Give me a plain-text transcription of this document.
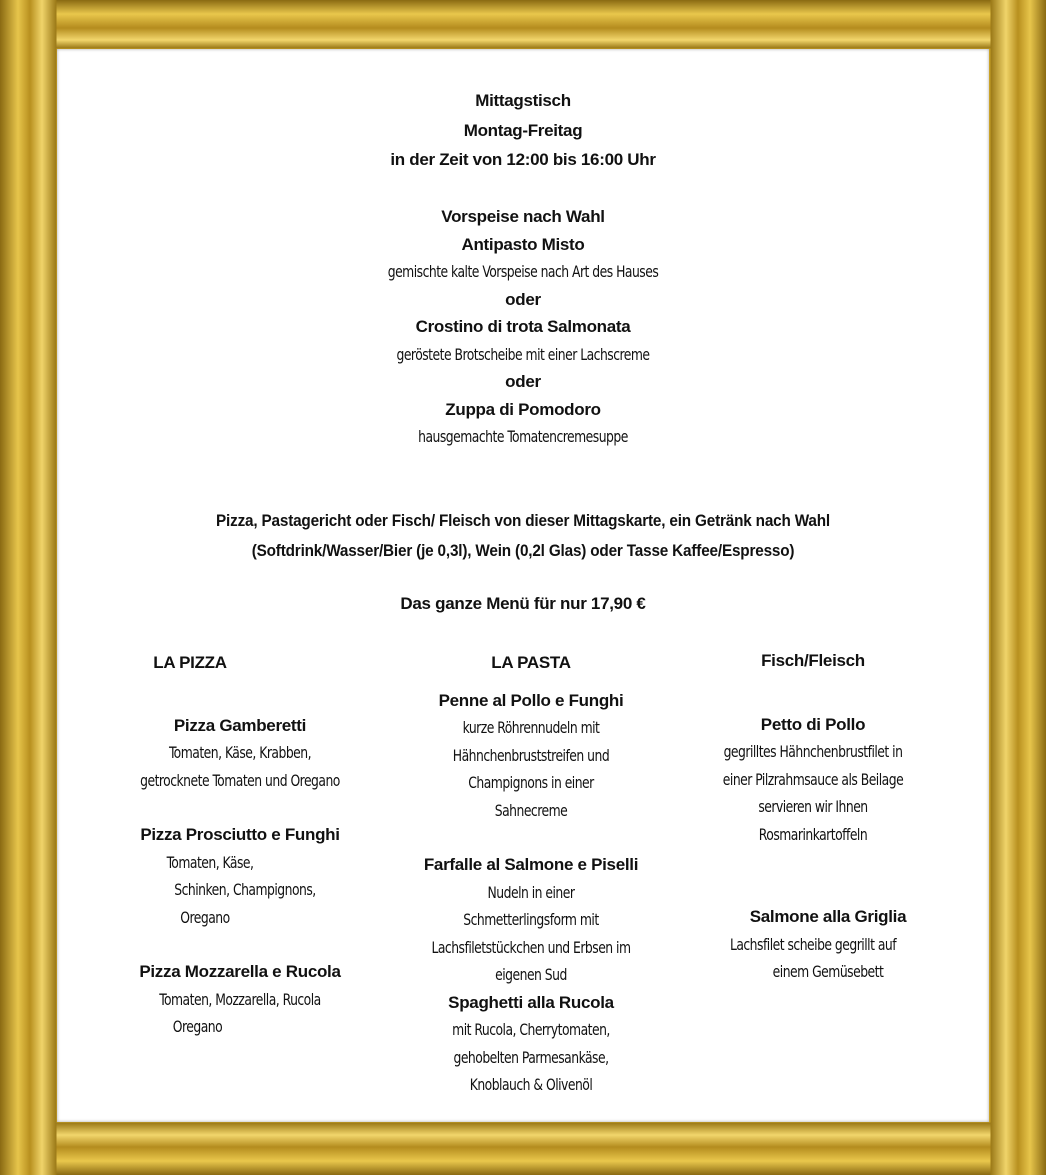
Mittagstisch
Montag-Freitag
in der Zeit von 12:00 bis 16:00 Uhr
Vorspeise nach Wahl
Antipasto Misto
gemischte kalte Vorspeise nach Art des Hauses
oder
Crostino di trota Salmonata
geröstete Brotscheibe mit einer Lachscreme
oder
Zuppa di Pomodoro
hausgemachte Tomatencremesuppe
Pizza, Pastagericht oder Fisch/ Fleisch von dieser Mittagskarte, ein Getränk nach Wahl
(Softdrink/Wasser/Bier (je 0,3l), Wein (0,2l Glas) oder Tasse Kaffee/Espresso)
Das ganze Menü für nur 17,90 €
LA PIZZA
Pizza Gamberetti
Tomaten, Käse, Krabben,
getrocknete Tomaten und Oregano
Pizza Prosciutto e Funghi
Tomaten, Käse,
Schinken, Champignons,
Oregano
Pizza Mozzarella e Rucola
Tomaten, Mozzarella, Rucola
Oregano
LA PASTA
Penne al Pollo e Funghi
kurze Röhrennudeln mit
Hähnchenbruststreifen und
Champignons in einer
Sahnecreme
Farfalle al Salmone e Piselli
Nudeln in einer
Schmetterlingsform mit
Lachsfiletstückchen und Erbsen im
eigenen Sud
Spaghetti alla Rucola
mit Rucola, Cherrytomaten,
gehobelten Parmesankäse,
Knoblauch & Olivenöl
Fisch/Fleisch
Petto di Pollo
gegrilltes Hähnchenbrustfilet in
einer Pilzrahmsauce als Beilage
servieren wir Ihnen
Rosmarinkartoffeln
Salmone alla Griglia
Lachsfilet scheibe gegrillt auf
einem Gemüsebett
